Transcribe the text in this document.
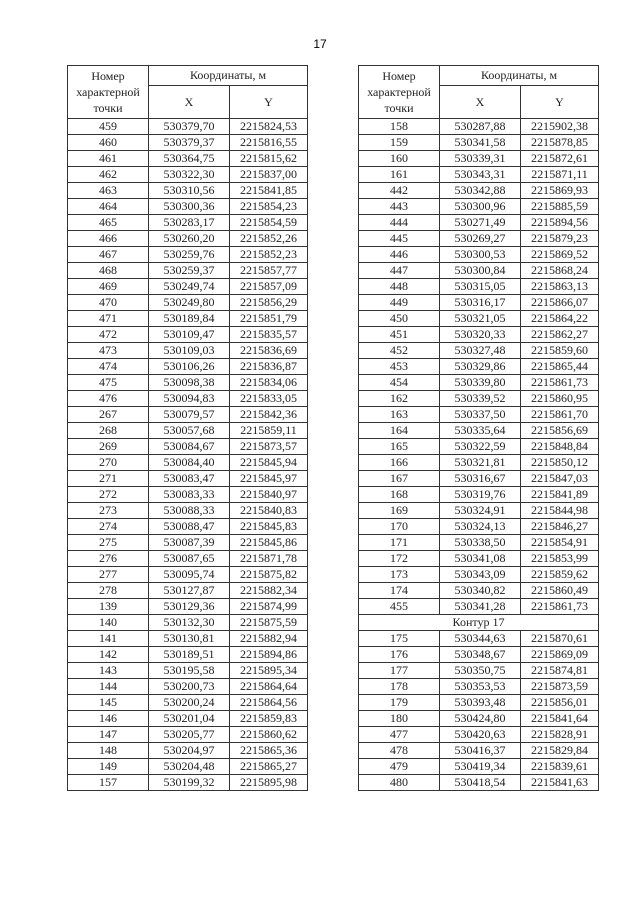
17
Номер
характерной
точки	Координаты, м	
	X	Y
459	530379,70	2215824,53
460	530379,37	2215816,55
461	530364,75	2215815,62
462	530322,30	2215837,00
463	530310,56	2215841,85
464	530300,36	2215854,23
465	530283,17	2215854,59
466	530260,20	2215852,26
467	530259,76	2215852,23
468	530259,37	2215857,77
469	530249,74	2215857,09
470	530249,80	2215856,29
471	530189,84	2215851,79
472	530109,47	2215835,57
473	530109,03	2215836,69
474	530106,26	2215836,87
475	530098,38	2215834,06
476	530094,83	2215833,05
267	530079,57	2215842,36
268	530057,68	2215859,11
269	530084,67	2215873,57
270	530084,40	2215845,94
271	530083,47	2215845,97
272	530083,33	2215840,97
273	530088,33	2215840,83
274	530088,47	2215845,83
275	530087,39	2215845,86
276	530087,65	2215871,78
277	530095,74	2215875,82
278	530127,87	2215882,34
139	530129,36	2215874,99
140	530132,30	2215875,59
141	530130,81	2215882,94
142	530189,51	2215894,86
143	530195,58	2215895,34
144	530200,73	2215864,64
145	530200,24	2215864,56
146	530201,04	2215859,83
147	530205,77	2215860,62
148	530204,97	2215865,36
149	530204,48	2215865,27
157	530199,32	2215895,98
Номер
характерной
точки	Координаты, м	
	X	Y
158	530287,88	2215902,38
159	530341,58	2215878,85
160	530339,31	2215872,61
161	530343,31	2215871,11
442	530342,88	2215869,93
443	530300,96	2215885,59
444	530271,49	2215894,56
445	530269,27	2215879,23
446	530300,53	2215869,52
447	530300,84	2215868,24
448	530315,05	2215863,13
449	530316,17	2215866,07
450	530321,05	2215864,22
451	530320,33	2215862,27
452	530327,48	2215859,60
453	530329,86	2215865,44
454	530339,80	2215861,73
162	530339,52	2215860,95
163	530337,50	2215861,70
164	530335,64	2215856,69
165	530322,59	2215848,84
166	530321,81	2215850,12
167	530316,67	2215847,03
168	530319,76	2215841,89
169	530324,91	2215844,98
170	530324,13	2215846,27
171	530338,50	2215854,91
172	530341,08	2215853,99
173	530343,09	2215859,62
174	530340,82	2215860,49
455	530341,28	2215861,73
Контур 17		
175	530344,63	2215870,61
176	530348,67	2215869,09
177	530350,75	2215874,81
178	530353,53	2215873,59
179	530393,48	2215856,01
180	530424,80	2215841,64
477	530420,63	2215828,91
478	530416,37	2215829,84
479	530419,34	2215839,61
480	530418,54	2215841,63
